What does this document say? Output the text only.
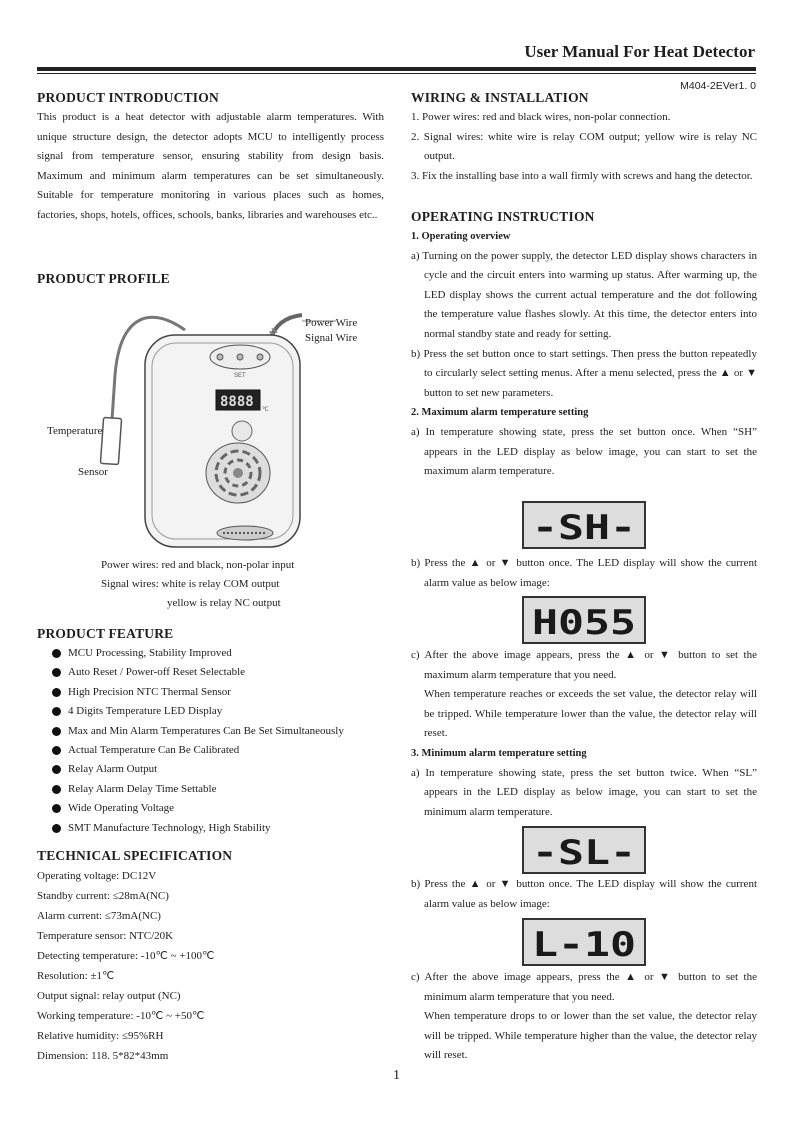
User Manual For Heat Detector
M404-2EVer1. 0
PRODUCT INTRODUCTION
This product is a heat detector with adjustable alarm temperatures. With unique structure design, the detector adopts MCU to intelligently process signal from temperature sensor, ensuring stability from design basis. Maximum and minimum alarm temperatures can be set simultaneously. Suitable for temperature monitoring in various places such as homes, factories, shops, hotels, offices, schools, banks, libraries and warehouses etc..
PRODUCT PROFILE
SET
8888 ℃
Power Wire
Signal Wire
Temperature
Sensor
Power wires: red and black, non-polar input
Signal wires: white is relay COM output
yellow is relay NC output
PRODUCT FEATURE
MCU Processing, Stability Improved
Auto Reset / Power-off Reset Selectable
High Precision NTC Thermal Sensor
4 Digits Temperature LED Display
Max and Min Alarm Temperatures Can Be Set Simultaneously
Actual Temperature Can Be Calibrated
Relay Alarm Output
Relay Alarm Delay Time Settable
Wide Operating Voltage
SMT Manufacture Technology, High Stability
TECHNICAL SPECIFICATION
Operating voltage: DC12V
Standby current: ≤28mA(NC)
Alarm current: ≤73mA(NC)
Temperature sensor: NTC/20K
Detecting temperature: -10℃ ~ +100℃
Resolution: ±1℃
Output signal: relay output (NC)
Working temperature: -10℃ ~ +50℃
Relative humidity: ≤95%RH
Dimension: 118. 5*82*43mm
WIRING & INSTALLATION
1. Power wires: red and black wires, non-polar connection.
2. Signal wires: white wire is relay COM output; yellow wire is relay NC output.
3. Fix the installing base into a wall firmly with screws and hang the detector.
OPERATING INSTRUCTION
1. Operating overview
a) Turning on the power supply, the detector LED display shows characters in cycle and the circuit enters into warming up status. After warming up, the LED display shows the current actual temperature and the dot following the temperature value flashes slowly. At this time, the detector enters into normal standby state and ready for setting.
b) Press the set button once to start settings. Then press the button repeatedly to circularly select setting menus. After a menu selected, press the ▲ or ▼ button to set new parameters.
2. Maximum alarm temperature setting
a) In temperature showing state, press the set button once. When “SH” appears in the LED display as below image, you can start to set the maximum alarm temperature.
-SH-
b) Press the ▲ or ▼ button once. The LED display will show the current alarm value as below image:
H055
c) After the above image appears, press the ▲ or ▼ button to set the maximum alarm temperature that you need.
When temperature reaches or exceeds the set value, the detector relay will be tripped. While temperature lower than the value, the detector relay will reset.
3. Minimum alarm temperature setting
a) In temperature showing state, press the set button twice. When “SL” appears in the LED display as below image, you can start to set the minimum alarm temperature.
-SL-
b) Press the ▲ or ▼ button once. The LED display will show the current alarm value as below image:
L-10
c) After the above image appears, press the ▲ or ▼ button to set the minimum alarm temperature that you need.
When temperature drops to or lower than the set value, the detector relay will be tripped. While temperature higher than the value, the detector relay will reset.
1
